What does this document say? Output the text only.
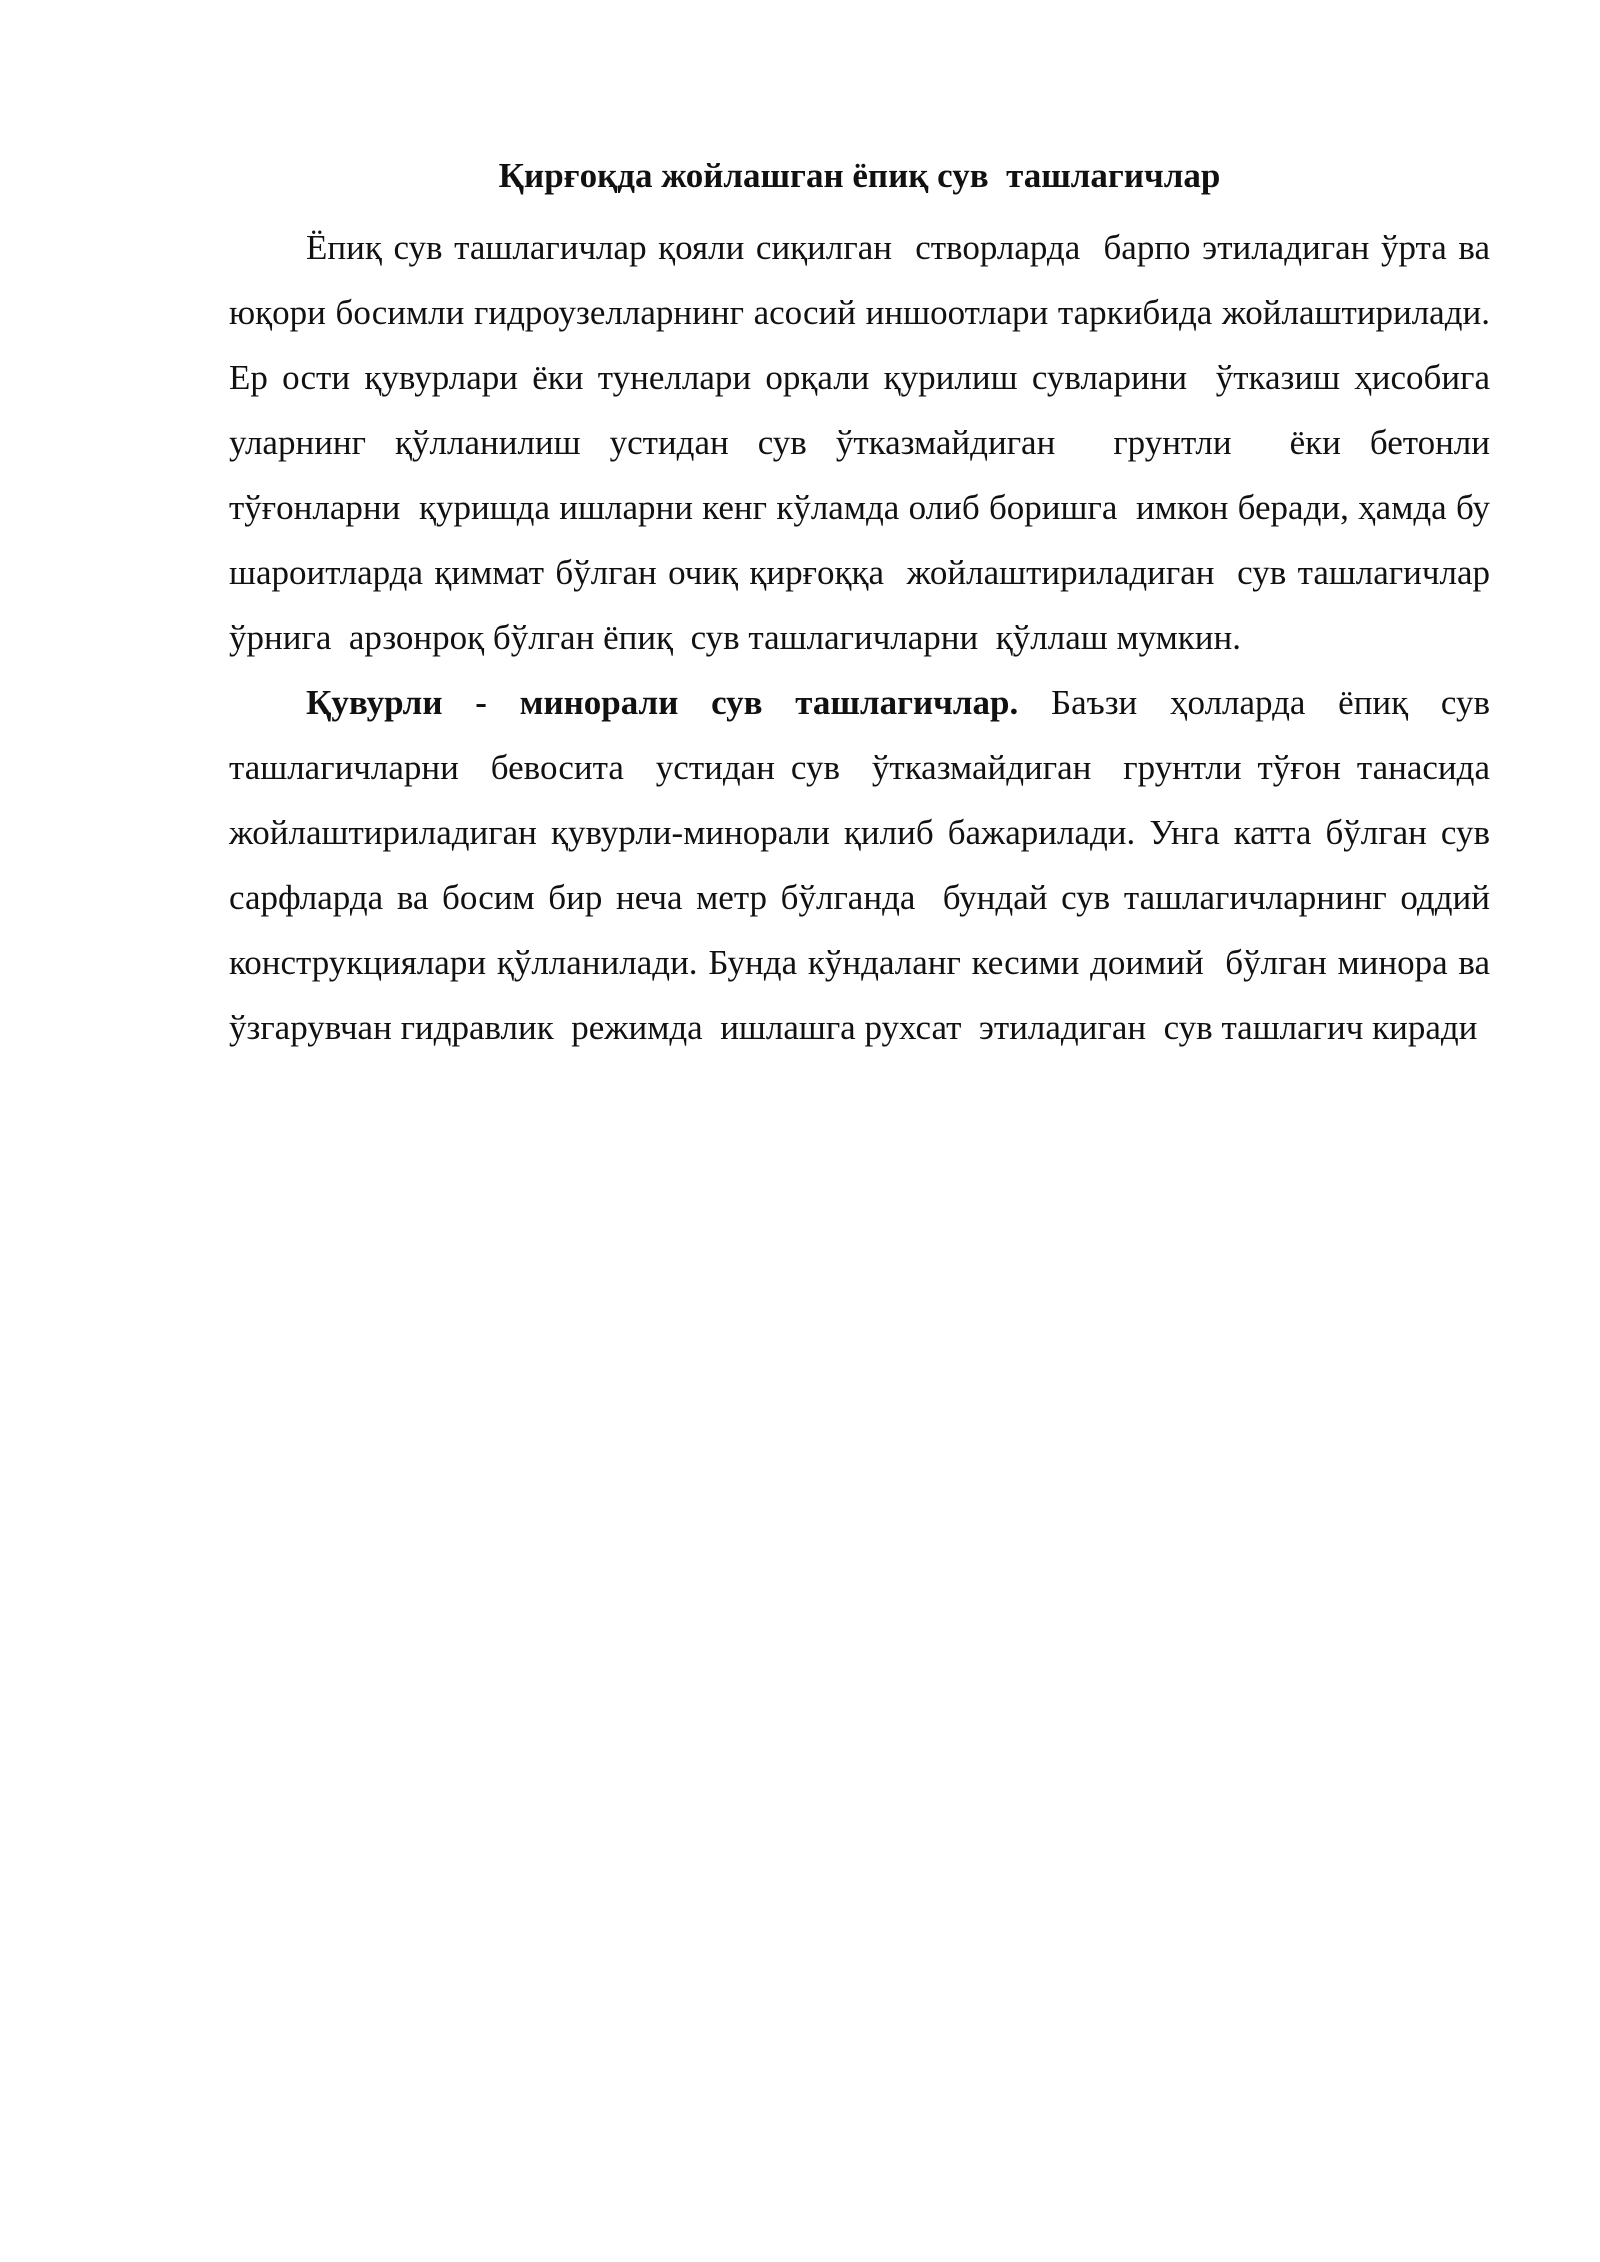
Қирғоқда жойлашган ёпиқ сув  ташлагичлар

Ёпиқ сув ташлагичлар қояли сиқилган  створларда  барпо этиладиган ўрта ва юқори босимли гидроузелларнинг асосий иншоотлари таркибида жойлаштирилади. Ер ости қувурлари ёки тунеллари орқали қурилиш сувларини  ўтказиш ҳисобига уларнинг қўлланилиш устидан сув ўтказмайдиган  грунтли  ёки бетонли  тўғонларни  қуришда ишларни кенг кўламда олиб боришга  имкон беради, ҳамда бу шароитларда қиммат бўлган очиқ қирғоққа  жойлаштириладиган  сув ташлагичлар ўрнига  арзонроқ бўлган ёпиқ  сув ташлагичларни  қўллаш мумкин.

Қувурли - минорали сув ташлагичлар. Баъзи ҳолларда ёпиқ сув ташлагичларни  бевосита  устидан сув  ўтказмайдиган  грунтли тўғон танасида жойлаштириладиган қувурли-минорали қилиб бажарилади. Унга катта бўлган сув сарфларда ва босим бир неча метр бўлганда  бундай сув ташлагичларнинг оддий конструкциялари қўлланилади. Бунда кўндаланг кесими доимий  бўлган минора ва ўзгарувчан гидравлик  режимда  ишлашга рухсат  этиладиган  сув ташлагич киради
